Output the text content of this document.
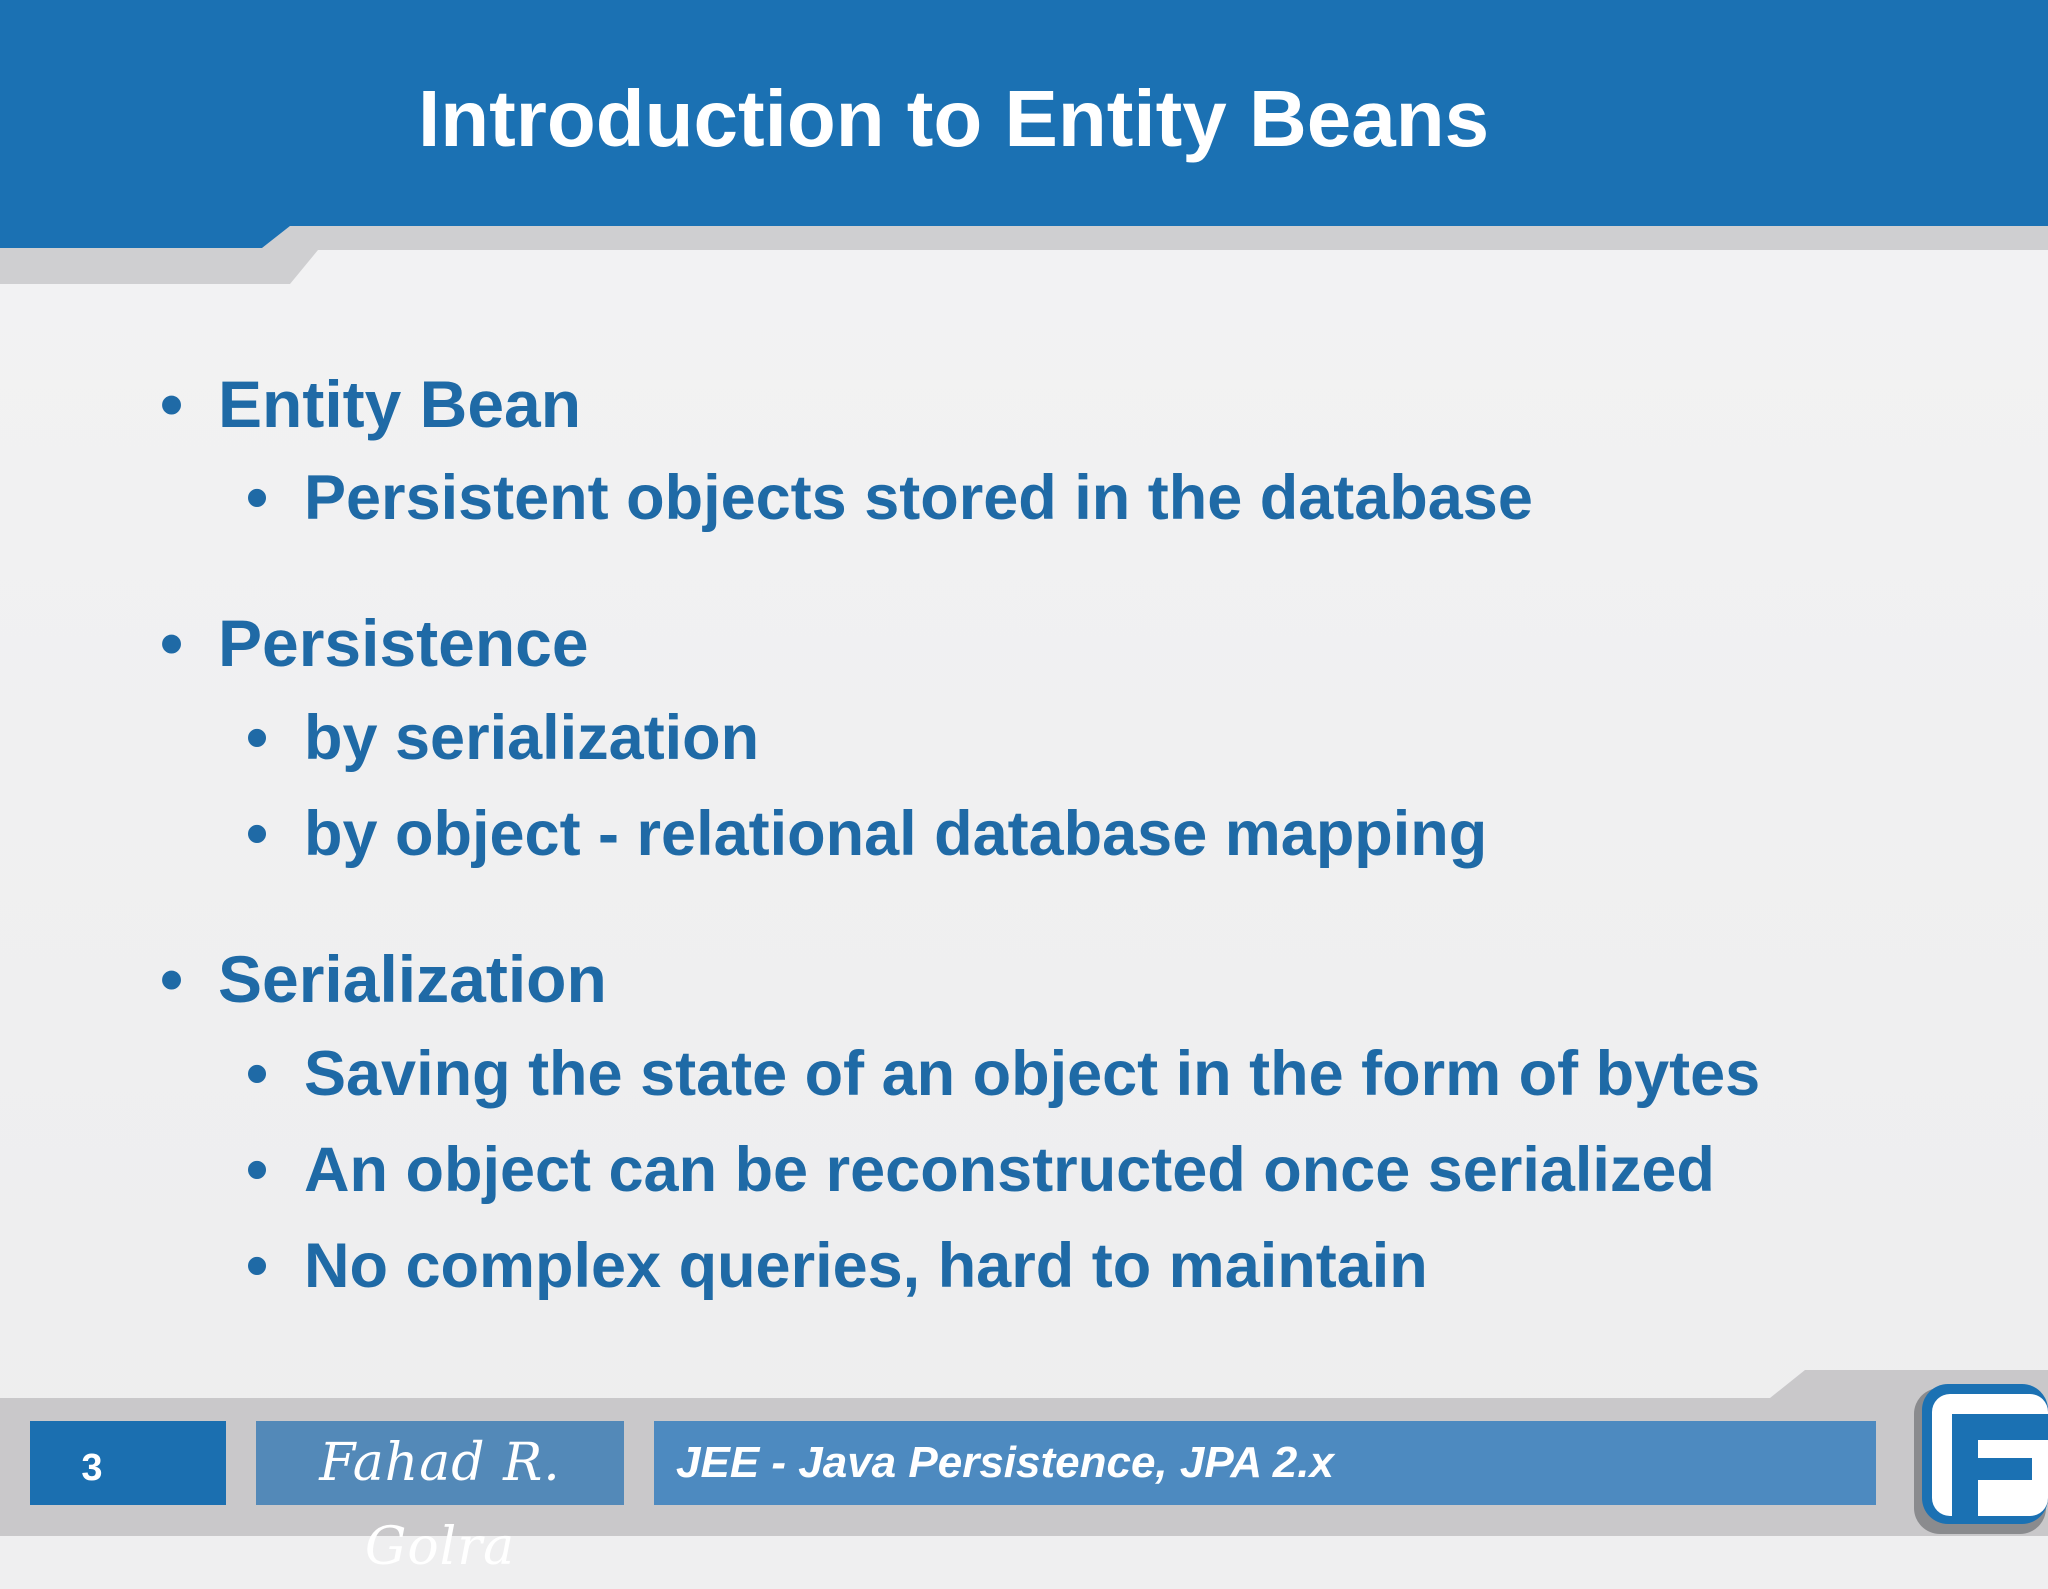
Introduction to Entity Beans
• Entity Bean
• Persistent objects stored in the database
• Persistence
• by serialization
• by object - relational database mapping
• Serialization
• Saving the state of an object in the form of bytes
• An object can be reconstructed once serialized
• No complex queries, hard to maintain
3	Fahad R. Golra
JEE - Java Persistence, JPA 2.x
